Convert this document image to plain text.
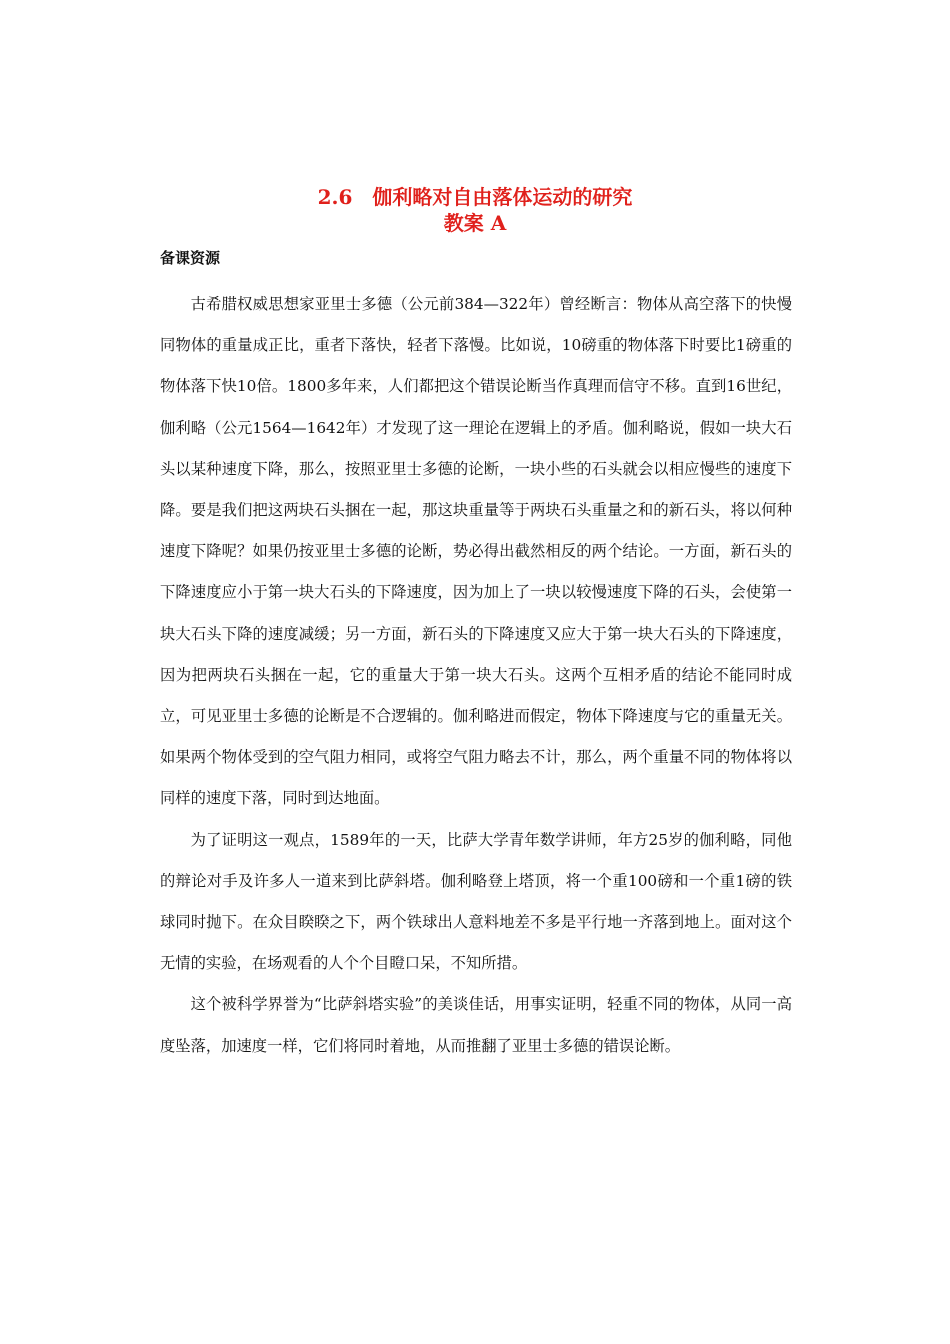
2.6　伽利略对自由落体运动的研究
教案 A
备课资源

古希腊权威思想家亚里士多德（公元前384—322年）曾经断言：物体从高空落下的快慢同物体的重量成正比，重者下落快，轻者下落慢。比如说，10磅重的物体落下时要比1磅重的物体落下快10倍。1800多年来，人们都把这个错误论断当作真理而信守不移。直到16世纪，伽利略（公元1564—1642年）才发现了这一理论在逻辑上的矛盾。伽利略说，假如一块大石头以某种速度下降，那么，按照亚里士多德的论断，一块小些的石头就会以相应慢些的速度下降。要是我们把这两块石头捆在一起，那这块重量等于两块石头重量之和的新石头，将以何种速度下降呢？如果仍按亚里士多德的论断，势必得出截然相反的两个结论。一方面，新石头的下降速度应小于第一块大石头的下降速度，因为加上了一块以较慢速度下降的石头，会使第一块大石头下降的速度减缓；另一方面，新石头的下降速度又应大于第一块大石头的下降速度，因为把两块石头捆在一起，它的重量大于第一块大石头。这两个互相矛盾的结论不能同时成立，可见亚里士多德的论断是不合逻辑的。伽利略进而假定，物体下降速度与它的重量无关。如果两个物体受到的空气阻力相同，或将空气阻力略去不计，那么，两个重量不同的物体将以同样的速度下落，同时到达地面。

为了证明这一观点，1589年的一天，比萨大学青年数学讲师，年方25岁的伽利略，同他的辩论对手及许多人一道来到比萨斜塔。伽利略登上塔顶，将一个重100磅和一个重1磅的铁球同时抛下。在众目睽睽之下，两个铁球出人意料地差不多是平行地一齐落到地上。面对这个无情的实验，在场观看的人个个目瞪口呆，不知所措。

这个被科学界誉为“比萨斜塔实验”的美谈佳话，用事实证明，轻重不同的物体，从同一高度坠落，加速度一样，它们将同时着地，从而推翻了亚里士多德的错误论断。
